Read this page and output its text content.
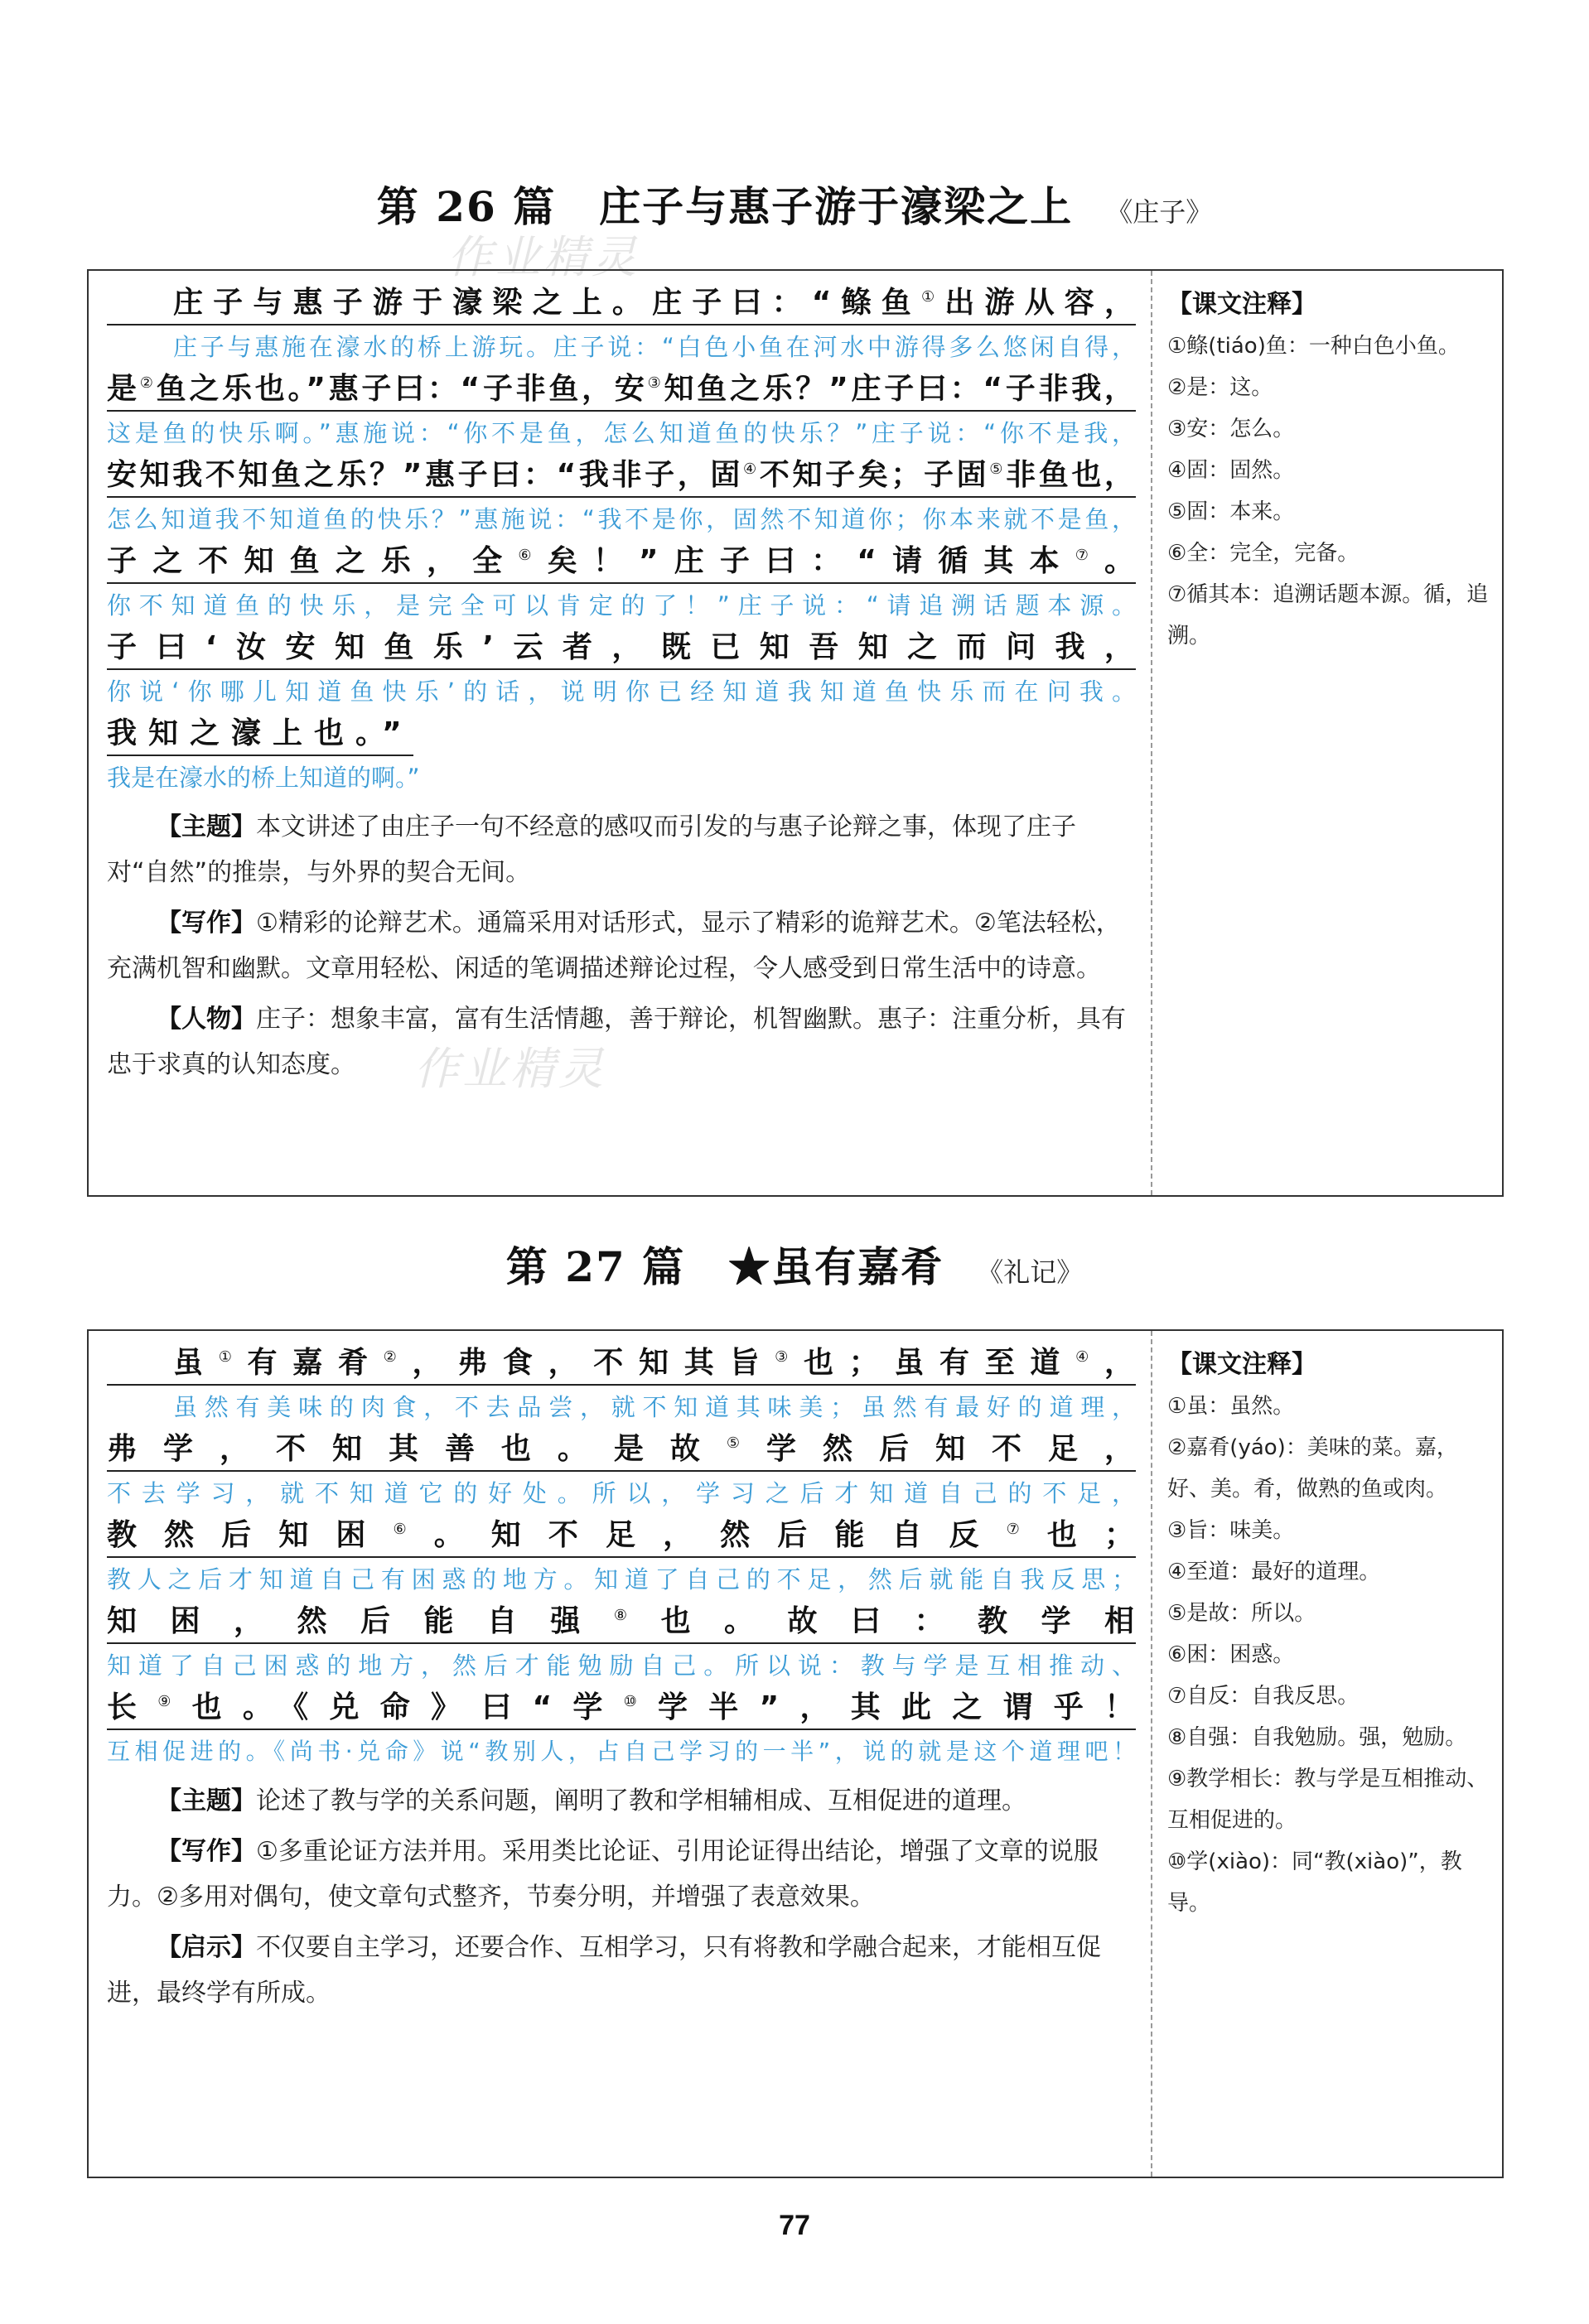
作业精灵
作业精灵
第 26 篇　庄子与惠子游于濠梁之上 《庄子》
庄子与惠子游于濠梁之上。庄子曰：“鲦鱼①出游从容，
庄子与惠施在濠水的桥上游玩。庄子说：“白色小鱼在河水中游得多么悠闲自得，
是②鱼之乐也。”惠子曰：“子非鱼，安③知鱼之乐？”庄子曰：“子非我，
这是鱼的快乐啊。”惠施说：“你不是鱼，怎么知道鱼的快乐？”庄子说：“你不是我，
安知我不知鱼之乐？”惠子曰：“我非子，固④不知子矣；子固⑤非鱼也，
怎么知道我不知道鱼的快乐？”惠施说：“我不是你，固然不知道你；你本来就不是鱼，
子之不知鱼之乐，全⑥矣！”庄子曰：“请循其本⑦。
你不知道鱼的快乐，是完全可以肯定的了！”庄子说：“请追溯话题本源。
子曰‘汝安知鱼乐’云者，既已知吾知之而问我，
你说‘你哪儿知道鱼快乐’的话，说明你已经知道我知道鱼快乐而在问我。
我知之濠上也。”
我是在濠水的桥上知道的啊。”
【主题】本文讲述了由庄子一句不经意的感叹而引发的与惠子论辩之事，体现了庄子对“自然”的推崇，与外界的契合无间。
【写作】①精彩的论辩艺术。通篇采用对话形式，显示了精彩的诡辩艺术。②笔法轻松，充满机智和幽默。文章用轻松、闲适的笔调描述辩论过程，令人感受到日常生活中的诗意。
【人物】庄子：想象丰富，富有生活情趣，善于辩论，机智幽默。惠子：注重分析，具有忠于求真的认知态度。
【课文注释】
①鲦(tiáo)鱼：一种白色小鱼。
②是：这。
③安：怎么。
④固：固然。
⑤固：本来。
⑥全：完全，完备。
⑦循其本：追溯话题本源。循，追溯。
第 27 篇　★虽有嘉肴 《礼记》
虽①有嘉肴②，弗食，不知其旨③也；虽有至道④，
虽然有美味的肉食，不去品尝，就不知道其味美；虽然有最好的道理，
弗学，不知其善也。是故⑤学然后知不足，
不去学习，就不知道它的好处。所以，学习之后才知道自己的不足，
教然后知困⑥。知不足，然后能自反⑦也；
教人之后才知道自己有困惑的地方。知道了自己的不足，然后就能自我反思；
知困，然后能自强⑧也。故曰：教学相
知道了自己困惑的地方，然后才能勉励自己。所以说：教与学是互相推动、
长⑨也。《兑命》曰“学⑩学半”，其此之谓乎！
互相促进的。《尚书·兑命》说“教别人，占自己学习的一半”，说的就是这个道理吧！
【主题】论述了教与学的关系问题，阐明了教和学相辅相成、互相促进的道理。
【写作】①多重论证方法并用。采用类比论证、引用论证得出结论，增强了文章的说服力。②多用对偶句，使文章句式整齐，节奏分明，并增强了表意效果。
【启示】不仅要自主学习，还要合作、互相学习，只有将教和学融合起来，才能相互促进，最终学有所成。
【课文注释】
①虽：虽然。
②嘉肴(yáo)：美味的菜。嘉，好、美。肴，做熟的鱼或肉。
③旨：味美。
④至道：最好的道理。
⑤是故：所以。
⑥困：困惑。
⑦自反：自我反思。
⑧自强：自我勉励。强，勉励。
⑨教学相长：教与学是互相推动、互相促进的。
⑩学(xiào)：同“教(xiào)”，教导。
77
